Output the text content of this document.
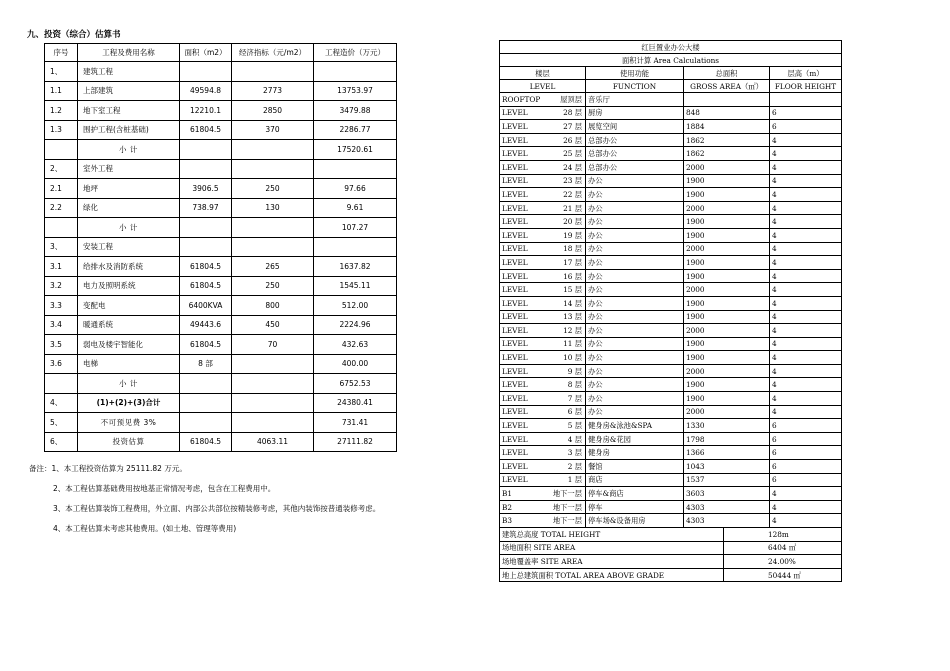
九、投资（综合）估算书
序号	工程及费用名称	面积（m2）	经济指标（元/m2）	工程造价（万元）
1、	建筑工程			
1.1	上部建筑	49594.8	2773	13753.97
1.2	地下室工程	12210.1	2850	3479.88
1.3	围护工程(含桩基础)	61804.5	370	2286.77
	小 计			17520.61
2、	室外工程			
2.1	地坪	3906.5	250	97.66
2.2	绿化	738.97	130	9.61
	小 计			107.27
3、	安装工程			
3.1	给排水及消防系统	61804.5	265	1637.82
3.2	电力及照明系统	61804.5	250	1545.11
3.3	变配电	6400KVA	800	512.00
3.4	暖通系统	49443.6	450	2224.96
3.5	弱电及楼宇智能化	61804.5	70	432.63
3.6	电梯	8 部		400.00
	小 计			6752.53
4、	(1)+(2)+(3)合计			24380.41
5、	不可预见费 3%			731.41
6、	投资估算	61804.5	4063.11	27111.82
备注：1、本工程投资估算为 25111.82 万元。
2、本工程估算基础费用按地基正常情况考虑，包含在工程费用中。
3、本工程估算装饰工程费用，外立面、内部公共部位按精装修考虑，其他内装饰按普通装修考虑。
4、本工程估算未考虑其他费用。(如土地、管理等费用)
红巨置业办公大楼				
面积计算 Area Calculations				
楼层	使用功能	总面积		层高（m）
LEVEL	FUNCTION	GROSS AREA（㎡）		FLOOR HEIGHT
ROOFTOP 屋顶层	音乐厅			
LEVEL 28 层	厨房	848		6
LEVEL 27 层	展览空间	1884		6
LEVEL 26 层	总部办公	1862		4
LEVEL 25 层	总部办公	1862		4
LEVEL 24 层	总部办公	2000		4
LEVEL 23 层	办公	1900		4
LEVEL 22 层	办公	1900		4
LEVEL 21 层	办公	2000		4
LEVEL 20 层	办公	1900		4
LEVEL 19 层	办公	1900		4
LEVEL 18 层	办公	2000		4
LEVEL 17 层	办公	1900		4
LEVEL 16 层	办公	1900		4
LEVEL 15 层	办公	2000		4
LEVEL 14 层	办公	1900		4
LEVEL 13 层	办公	1900		4
LEVEL 12 层	办公	2000		4
LEVEL 11 层	办公	1900		4
LEVEL 10 层	办公	1900		4
LEVEL 9 层	办公	2000		4
LEVEL 8 层	办公	1900		4
LEVEL 7 层	办公	1900		4
LEVEL 6 层	办公	2000		4
LEVEL 5 层	健身房&泳池&SPA	1330		6
LEVEL 4 层	健身房&花园	1798		6
LEVEL 3 层	健身房	1366		6
LEVEL 2 层	餐馆	1043		6
LEVEL 1 层	商店	1537		6
B1 地下一层	停车&商店	3603		4
B2 地下一层	停车	4303		4
B3 地下一层	停车场&设备用房	4303		4
建筑总高度 TOTAL HEIGHT			128m	
场地面积 SITE AREA			6404 ㎡	
场地覆盖率 SITE AREA			24.00%	
地上总建筑面积 TOTAL AREA ABOVE GRADE			50444 ㎡	
